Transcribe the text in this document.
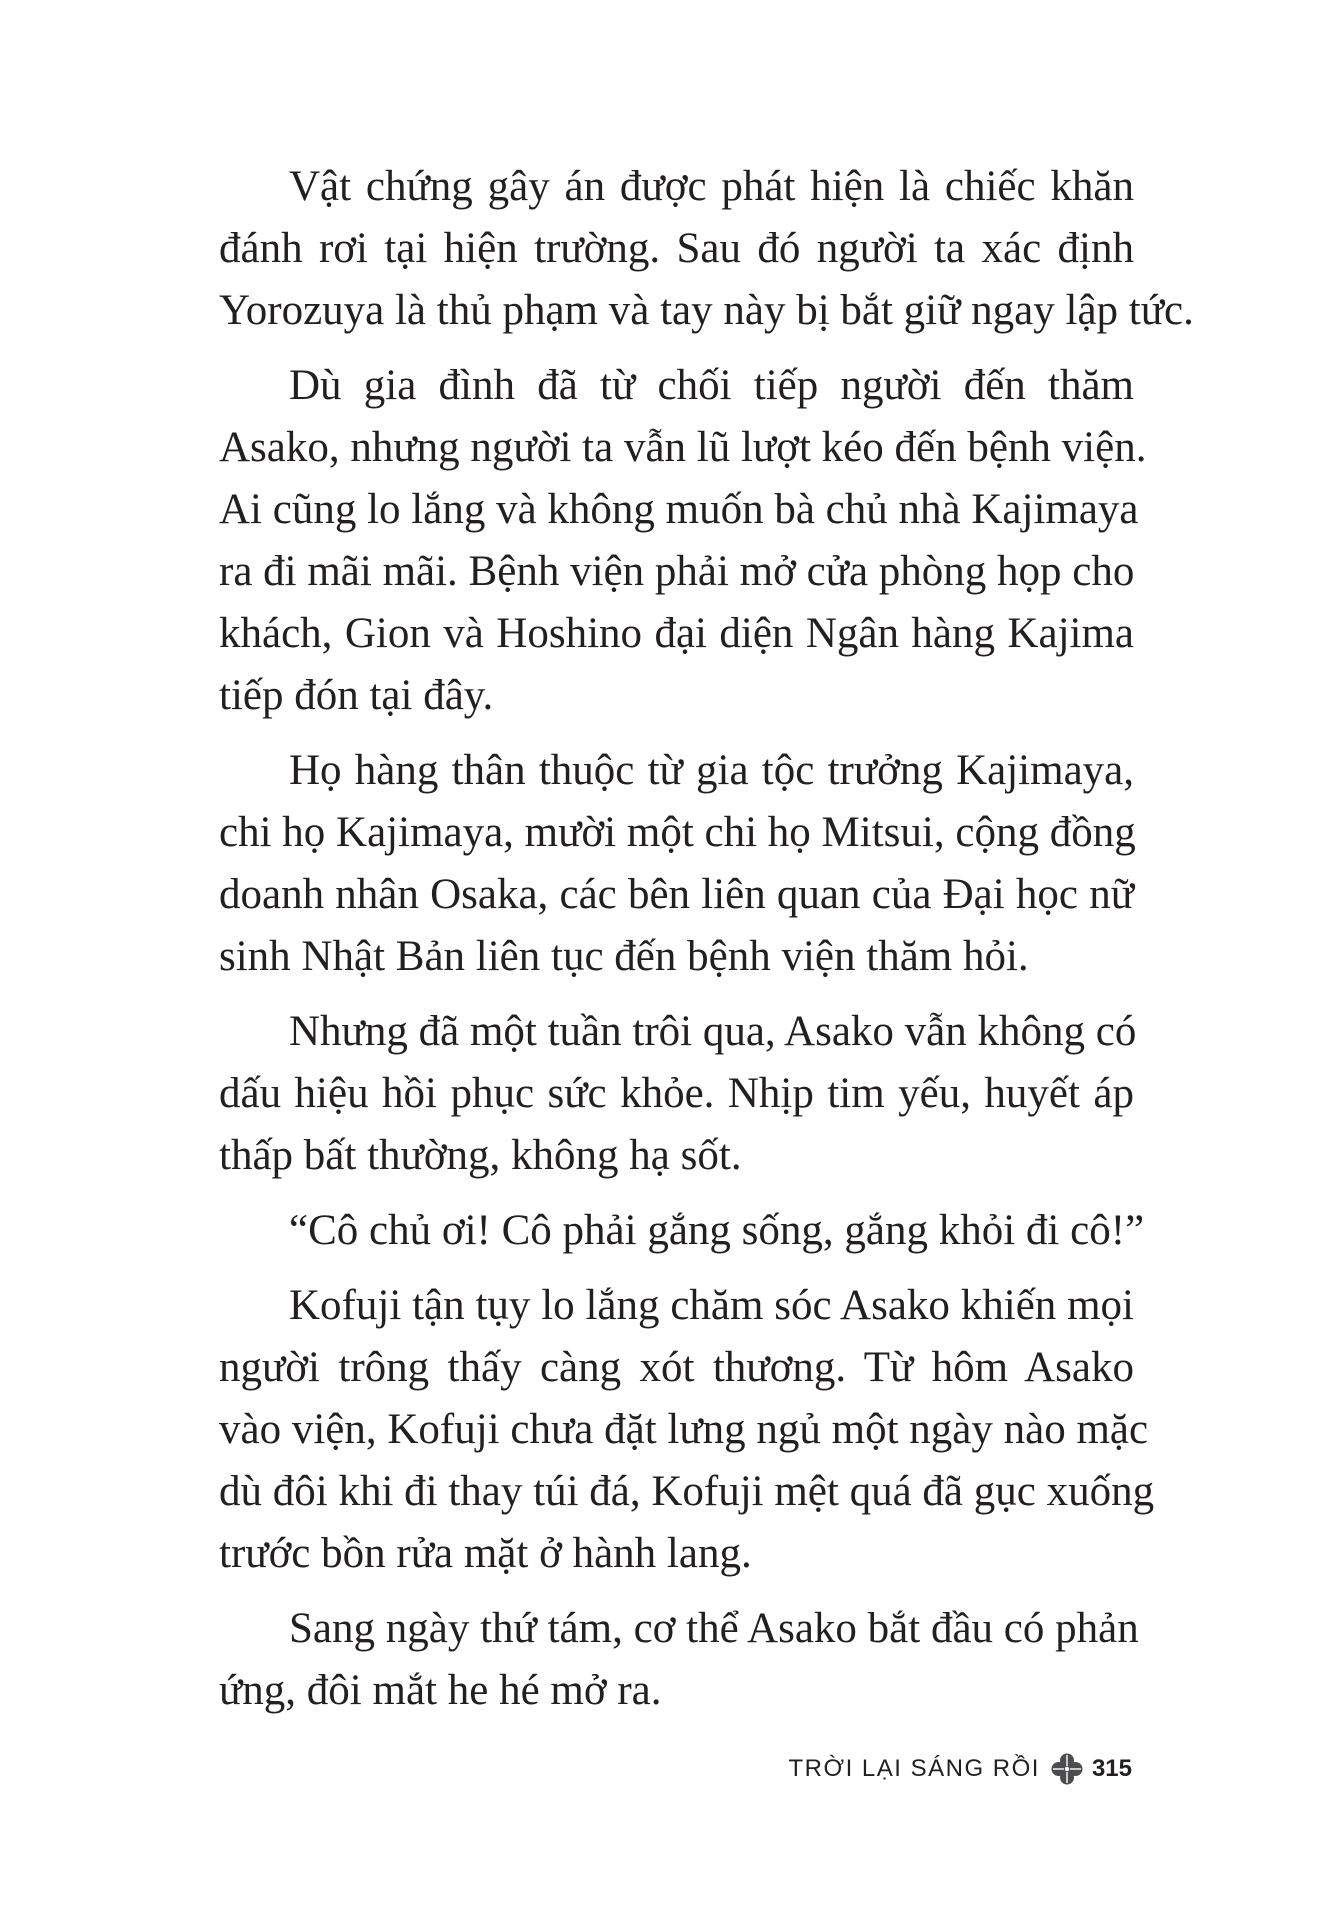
Vật chứng gây án được phát hiện là chiếc khăn
đánh rơi tại hiện trường. Sau đó người ta xác định
Yorozuya là thủ phạm và tay này bị bắt giữ ngay lập tức.

Dù gia đình đã từ chối tiếp người đến thăm
Asako, nhưng người ta vẫn lũ lượt kéo đến bệnh viện.
Ai cũng lo lắng và không muốn bà chủ nhà Kajimaya
ra đi mãi mãi. Bệnh viện phải mở cửa phòng họp cho
khách, Gion và Hoshino đại diện Ngân hàng Kajima
tiếp đón tại đây.

Họ hàng thân thuộc từ gia tộc trưởng Kajimaya,
chi họ Kajimaya, mười một chi họ Mitsui, cộng đồng
doanh nhân Osaka, các bên liên quan của Đại học nữ
sinh Nhật Bản liên tục đến bệnh viện thăm hỏi.

Nhưng đã một tuần trôi qua, Asako vẫn không có
dấu hiệu hồi phục sức khỏe. Nhịp tim yếu, huyết áp
thấp bất thường, không hạ sốt.

“Cô chủ ơi! Cô phải gắng sống, gắng khỏi đi cô!”

Kofuji tận tụy lo lắng chăm sóc Asako khiến mọi
người trông thấy càng xót thương. Từ hôm Asako
vào viện, Kofuji chưa đặt lưng ngủ một ngày nào mặc
dù đôi khi đi thay túi đá, Kofuji mệt quá đã gục xuống
trước bồn rửa mặt ở hành lang.

Sang ngày thứ tám, cơ thể Asako bắt đầu có phản
ứng, đôi mắt he hé mở ra.

TRỜI LẠI SÁNG RỒI 315
